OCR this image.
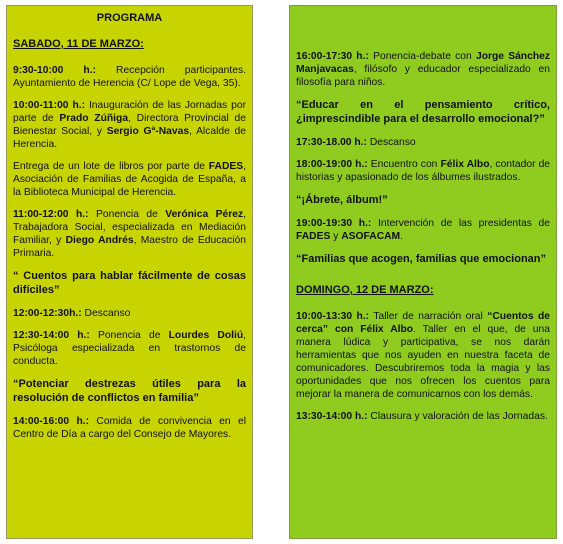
PROGRAMA
SABADO, 11 DE MARZO:
9:30-10:00 h.: Recepción participantes. Ayuntamiento de Herencia (C/ Lope de Vega, 35).
10:00-11:00 h.: Inauguración de las Jornadas por parte de Prado Zúñiga, Directora Provincial de Bienestar Social, y Sergio Gª-Navas, Alcalde de Herencia.
Entrega de un lote de libros por parte de FADES, Asociación de Familias de Acogida de España, a la Biblioteca Municipal de Herencia.
11:00-12:00 h.: Ponencia de Verónica Pérez, Trabajadora Social, especializada en Mediación Familiar, y Diego Andrés, Maestro de Educación Primaria.
“ Cuentos para hablar fácilmente de cosas difíciles”
12:00-12:30h.: Descanso
12:30-14:00 h.: Ponencia de Lourdes Doliú, Psicóloga especializada en trastornos de conducta.
“Potenciar destrezas útiles para la resolución de conflictos en familia”
14:00-16:00 h.: Comida de convivencia en el Centro de Día a cargo del Consejo de Mayores.
16:00-17:30 h.: Ponencia-debate con Jorge Sánchez Manjavacas, filósofo y educador especializado en filosofía para niños.
“Educar en el pensamiento crítico, ¿imprescindible para el desarrollo emocional?”
17:30-18.00 h.: Descanso
18:00-19:00 h.: Encuentro con Félix Albo, contador de historias y apasionado de los álbumes ilustrados.
“¡Ábrete, álbum!”
19:00-19:30 h.: Intervención de las presidentas de FADES y ASOFACAM.
“Familias que acogen, familias que emocionan”
DOMINGO, 12 DE MARZO:
10:00-13:30 h.: Taller de narración oral “Cuentos de cerca” con Félix Albo. Taller en el que, de una manera lúdica y participativa, se nos darán herramientas que nos ayuden en nuestra faceta de comunicadores. Descubriremos toda la magia y las oportunidades que nos ofrecen los cuentos para mejorar la manera de comunicarnos con los demás.
13:30-14:00 h.: Clausura y valoración de las Jornadas.
